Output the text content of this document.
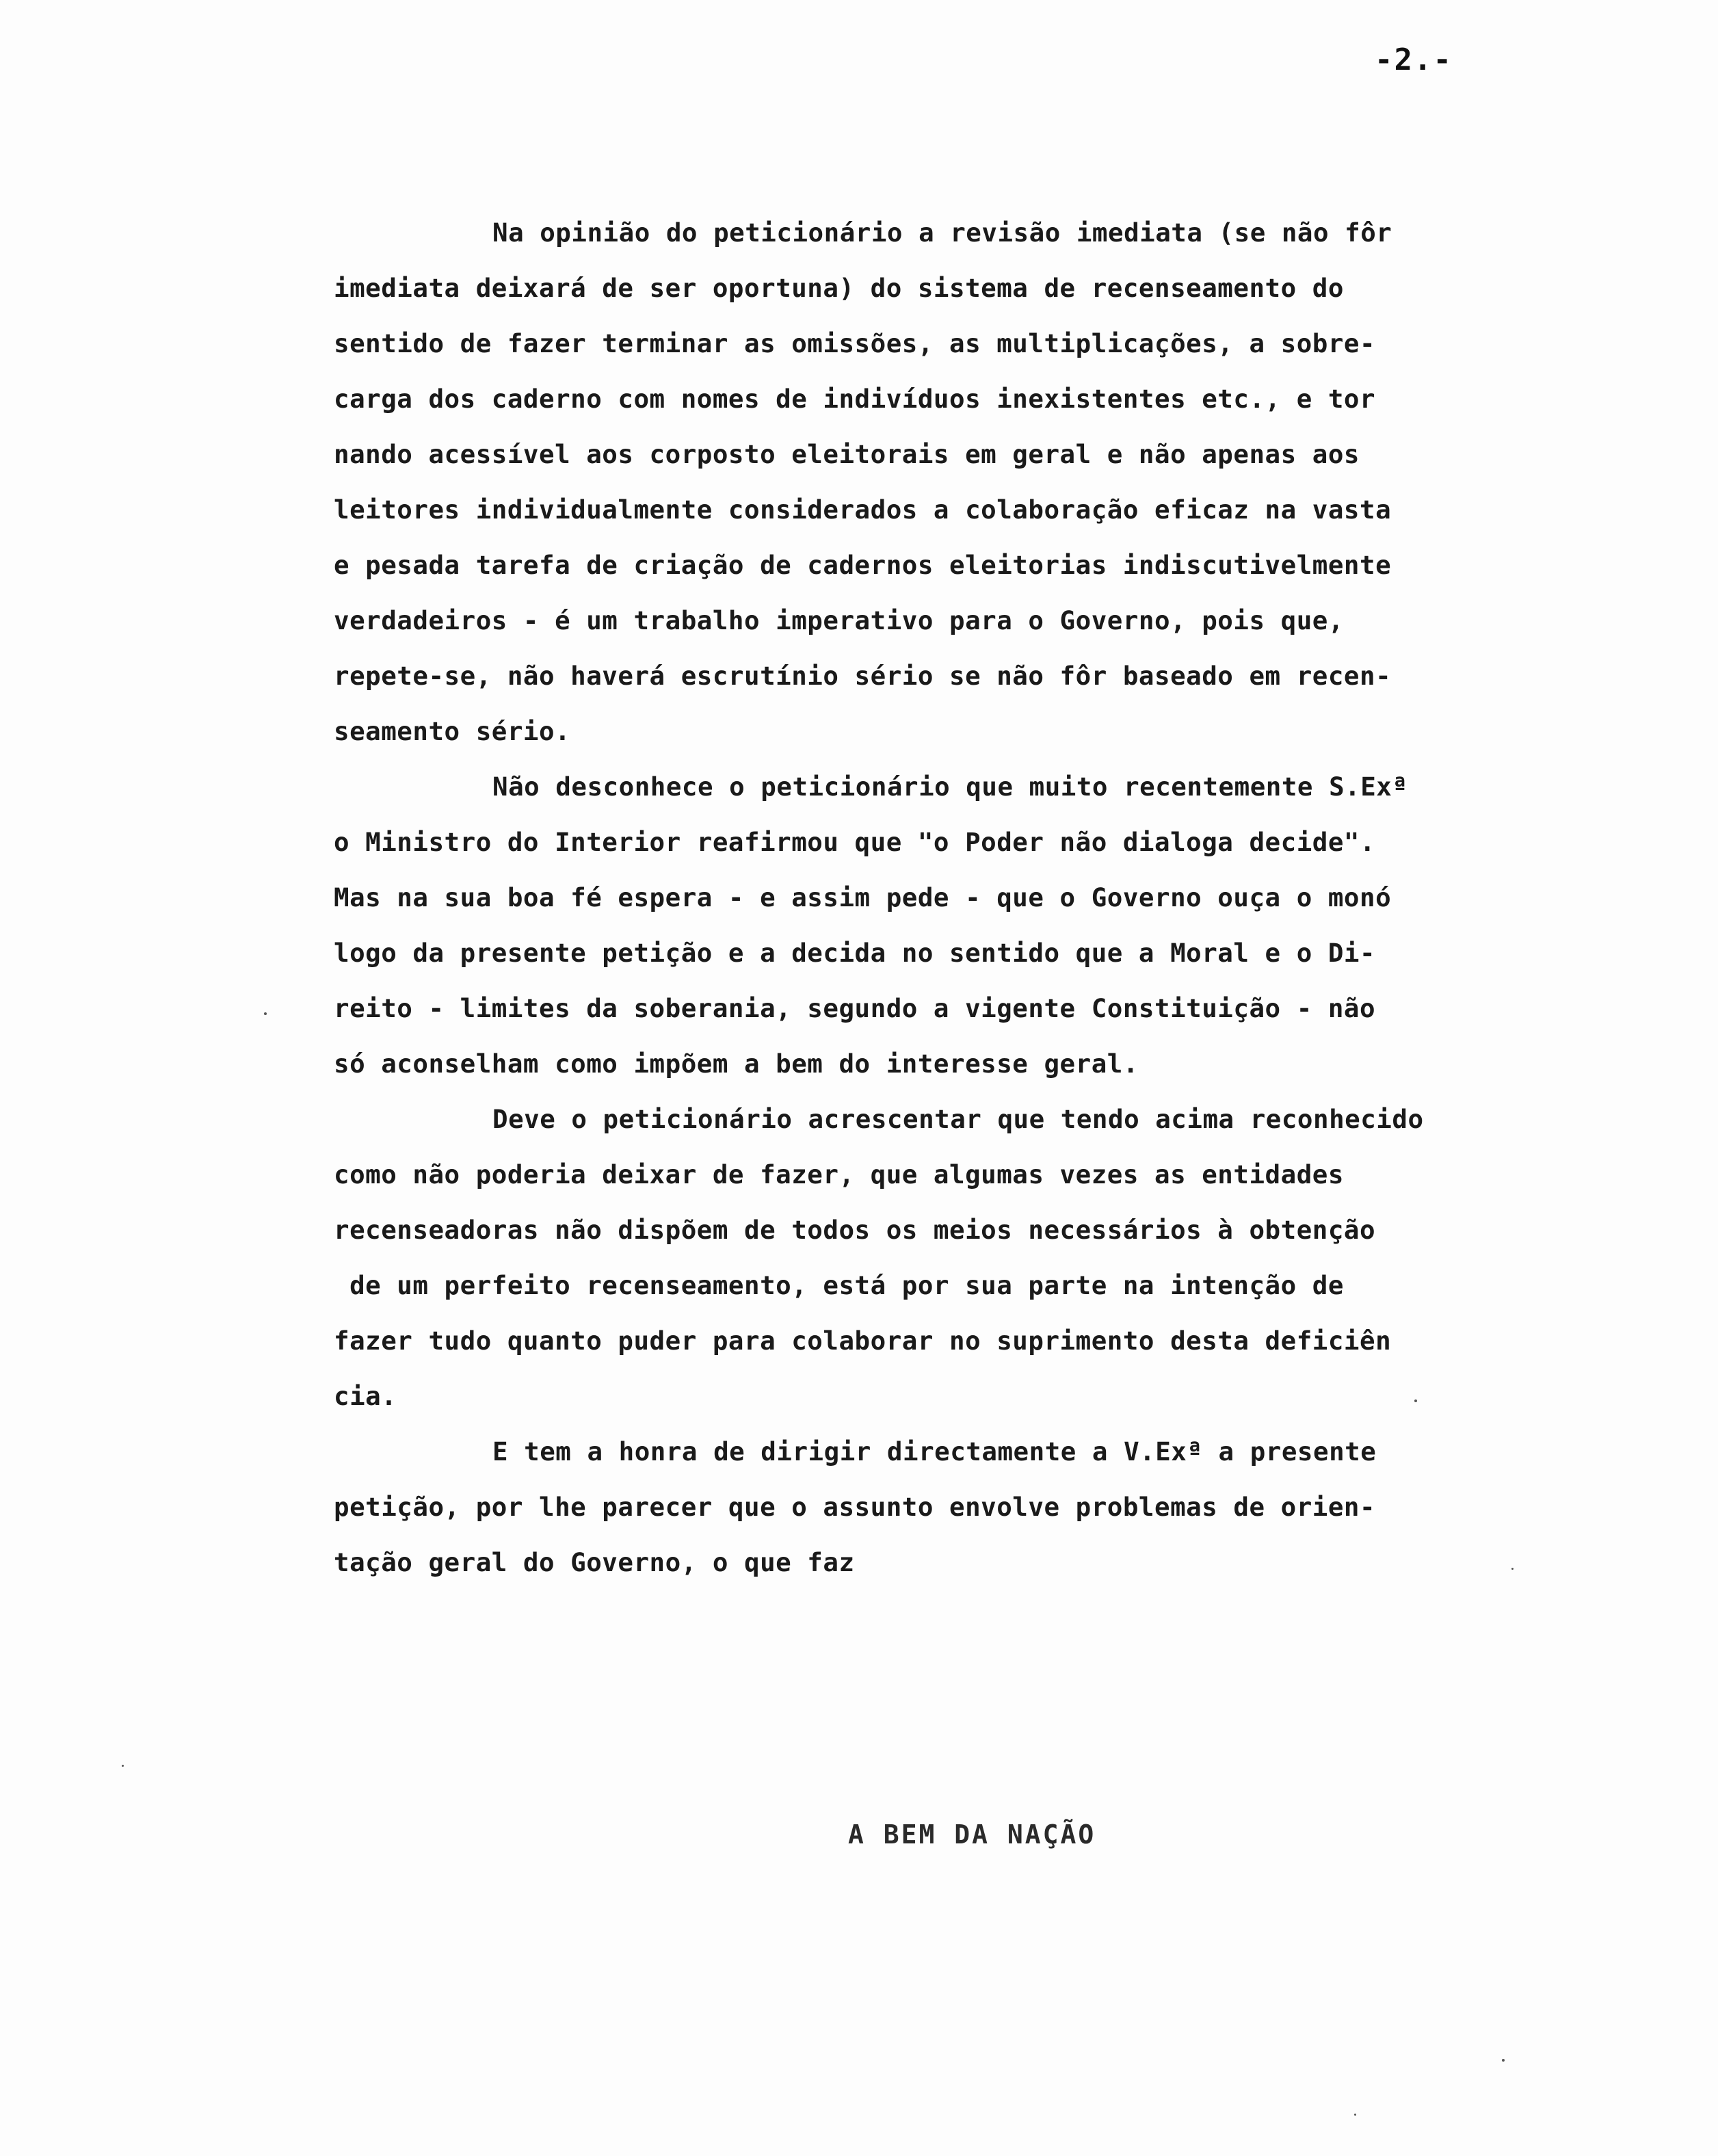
-2.-
Na opinião do peticionário a revisão imediata (se não fôr
imediata deixará de ser oportuna) do sistema de recenseamento do
sentido de fazer terminar as omissões, as multiplicações, a sobre-
carga dos caderno com nomes de indivíduos inexistentes etc., e tor
nando acessível aos corposto eleitorais em geral e não apenas aos
leitores individualmente considerados a colaboração eficaz na vasta
e pesada tarefa de criação de cadernos eleitorias indiscutivelmente
verdadeiros - é um trabalho imperativo para o Governo, pois que,
repete-se, não haverá escrutínio sério se não fôr baseado em recen-
seamento sério.
Não desconhece o peticionário que muito recentemente S.Exª
o Ministro do Interior reafirmou que "o Poder não dialoga decide".
Mas na sua boa fé espera - e assim pede - que o Governo ouça o monó
logo da presente petição e a decida no sentido que a Moral e o Di-
reito - limites da soberania, segundo a vigente Constituição - não
só aconselham como impõem a bem do interesse geral.
Deve o peticionário acrescentar que tendo acima reconhecido
como não poderia deixar de fazer, que algumas vezes as entidades
recenseadoras não dispõem de todos os meios necessários à obtenção
de um perfeito recenseamento, está por sua parte na intenção de
fazer tudo quanto puder para colaborar no suprimento desta deficiên
cia.
E tem a honra de dirigir directamente a V.Exª a presente
petição, por lhe parecer que o assunto envolve problemas de orien-
tação geral do Governo, o que faz
A BEM DA NAÇÃO
